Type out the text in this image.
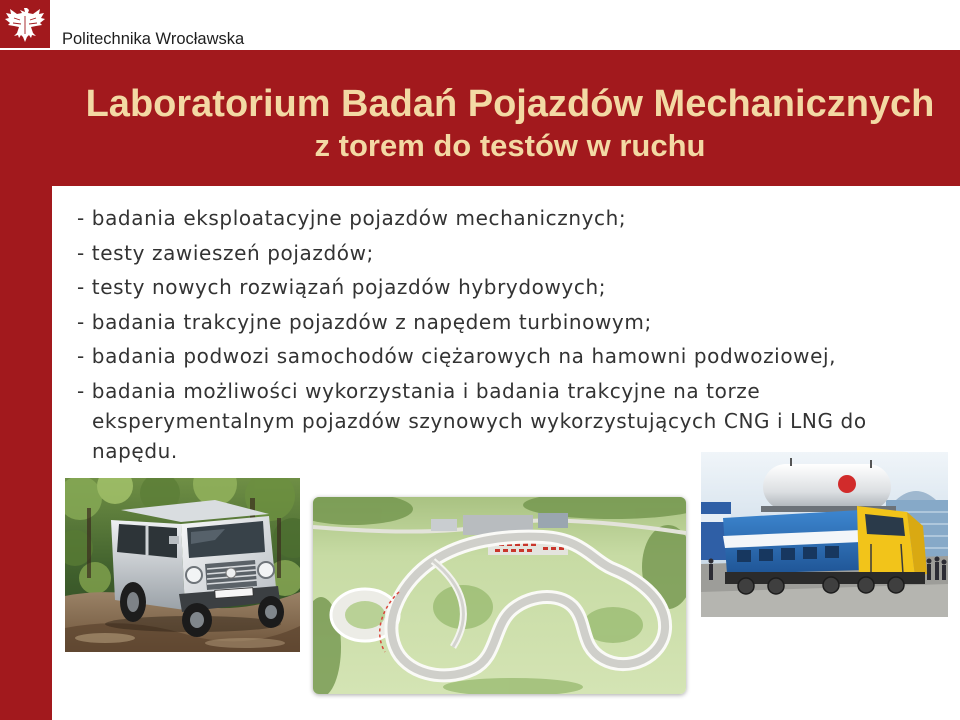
Politechnika Wrocławska
Laboratorium Badań Pojazdów Mechanicznych
z torem do testów w ruchu
- badania eksploatacyjne pojazdów mechanicznych;
- testy zawieszeń pojazdów;
- testy nowych rozwiązań pojazdów hybrydowych;
- badania trakcyjne pojazdów z napędem turbinowym;
- badania podwozi samochodów ciężarowych na hamowni podwoziowej,
- badania możliwości wykorzystania i badania trakcyjne na torze eksperymentalnym pojazdów szynowych wykorzystujących CNG i LNG do napędu.
